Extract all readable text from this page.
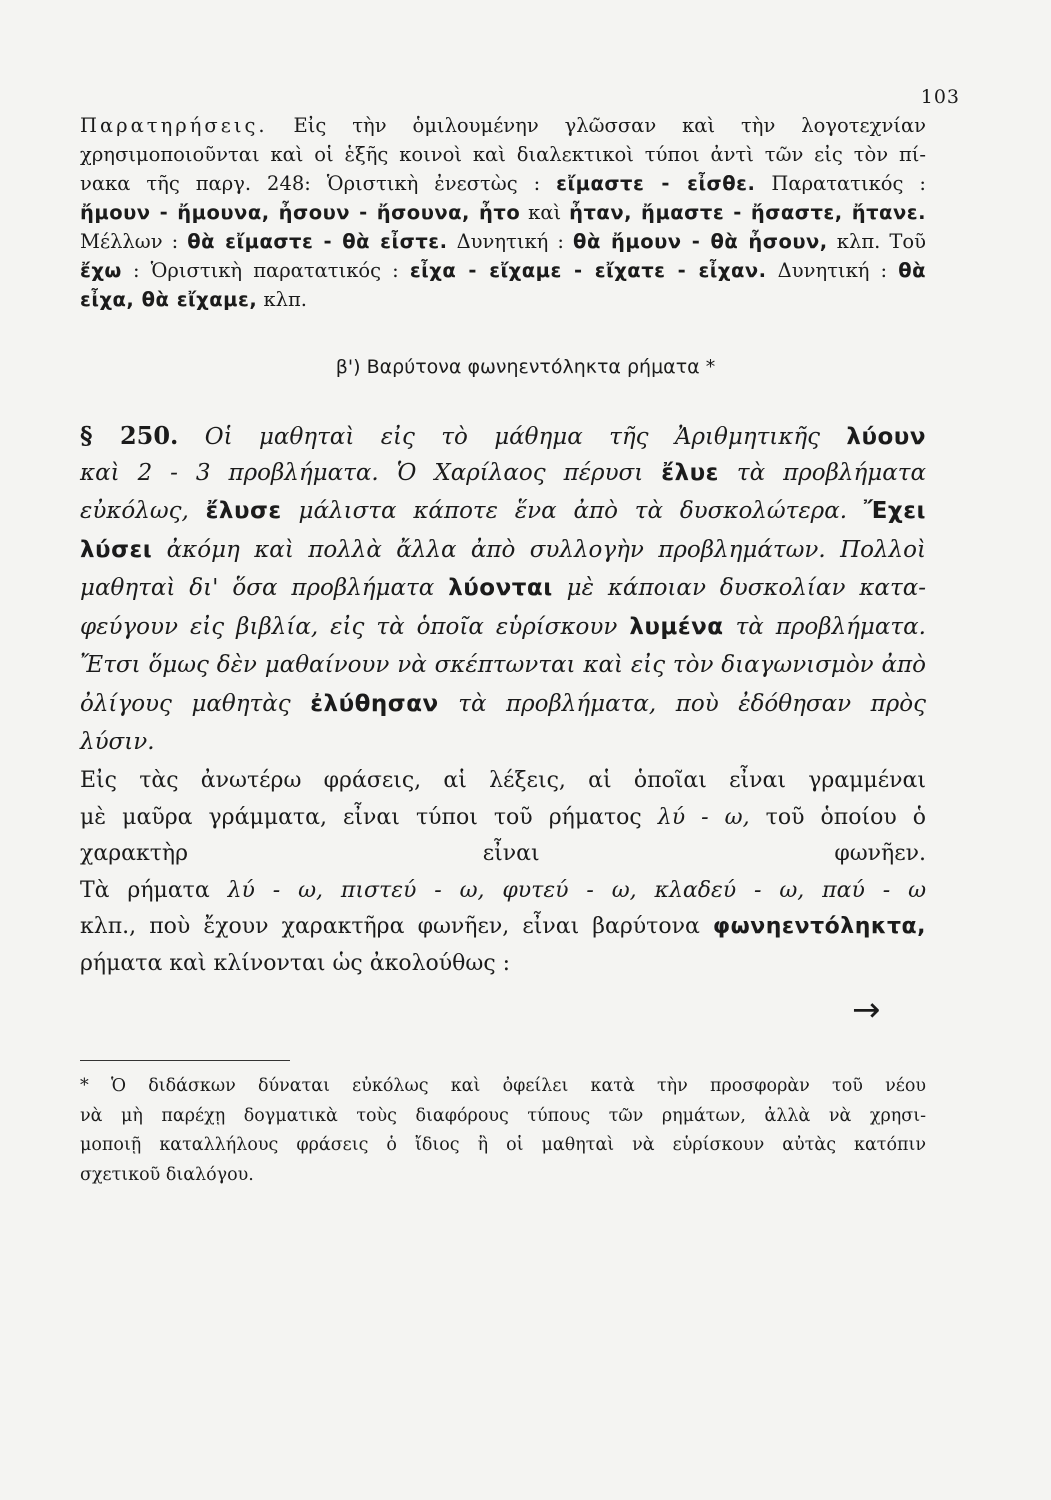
103
Παρατηρήσεις. Εἰς τὴν ὁμιλουμένην γλῶσσαν καὶ τὴν λογοτεχνίαν
χρησιμοποιοῦνται καὶ οἱ ἑξῆς κοινοὶ καὶ διαλεκτικοὶ τύποι ἀντὶ τῶν εἰς τὸν πί-
νακα τῆς παργ. 248: Ὁριστικὴ ἐνεστὼς : εἴμαστε - εἶσθε. Παρατατικός :
ἤμουν - ἤμουνα, ἦσουν - ἤσουνα, ἦτο καὶ ἦταν, ἤμαστε - ἤσαστε, ἤτανε.
Μέλλων : θὰ εἴμαστε - θὰ εἶστε. Δυνητική : θὰ ἤμουν - θὰ ἦσουν, κλπ. Τοῦ
ἔχω : Ὁριστικὴ παρατατικός : εἶχα - εἴχαμε - εἴχατε - εἶχαν. Δυνητική : θὰ
εἶχα, θὰ εἴχαμε, κλπ.
β') Βαρύτονα φωνηεντόληκτα ρήματα *
§ 250. Οἱ μαθηταὶ εἰς τὸ μάθημα τῆς Ἀριθμητικῆς λύουν
καὶ 2 - 3 προβλήματα. Ὁ Χαρίλαος πέρυσι ἔλυε τὰ προβλήματα
εὐκόλως, ἔλυσε μάλιστα κάποτε ἕνα ἀπὸ τὰ δυσκολώτερα. Ἔχει
λύσει ἀκόμη καὶ πολλὰ ἄλλα ἀπὸ συλλογὴν προβλημάτων. Πολλοὶ
μαθηταὶ δι' ὅσα προβλήματα λύονται μὲ κάποιαν δυσκολίαν κατα-
φεύγουν εἰς βιβλία, εἰς τὰ ὁποῖα εὑρίσκουν λυμένα τὰ προβλήματα.
Ἔτσι ὅμως δὲν μαθαίνουν νὰ σκέπτωνται καὶ εἰς τὸν διαγωνισμὸν ἀπὸ
ὀλίγους μαθητὰς ἐλύθησαν τὰ προβλήματα, ποὺ ἐδόθησαν πρὸς
λύσιν.
Εἰς τὰς ἀνωτέρω φράσεις, αἱ λέξεις, αἱ ὁποῖαι εἶναι γραμμέναι
μὲ μαῦρα γράμματα, εἶναι τύποι τοῦ ρήματος λύ - ω, τοῦ ὁποίου ὁ
χαρακτὴρ εἶναι φωνῆεν.
Τὰ ρήματα λύ - ω, πιστεύ - ω, φυτεύ - ω, κλαδεύ - ω, παύ - ω
κλπ., ποὺ ἔχουν χαρακτῆρα φωνῆεν, εἶναι βαρύτονα φωνηεντόληκτα,
ρήματα καὶ κλίνονται ὡς ἀκολούθως :
→
* Ὁ διδάσκων δύναται εὐκόλως καὶ ὀφείλει κατὰ τὴν προσφορὰν τοῦ νέου
νὰ μὴ παρέχῃ δογματικὰ τοὺς διαφόρους τύπους τῶν ρημάτων, ἀλλὰ νὰ χρησι-
μοποιῇ καταλλήλους φράσεις ὁ ἴδιος ἢ οἱ μαθηταὶ νὰ εὑρίσκουν αὐτὰς κατόπιν
σχετικοῦ διαλόγου.
